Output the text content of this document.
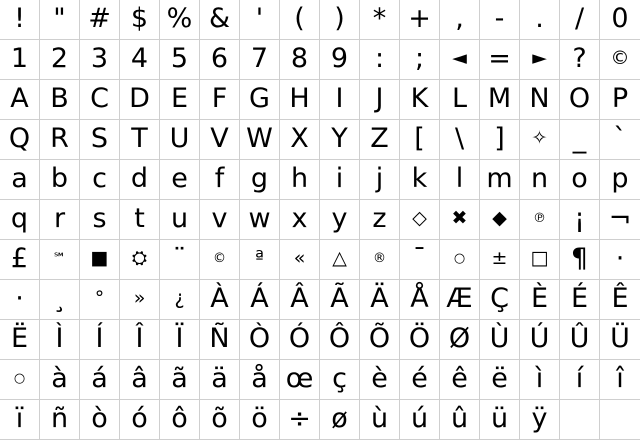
! " # $ % & ' ( ) * + , - . / 0
1 2 3 4 5 6 7 8 9 : ; ◄ = ► ? ©
A B C D E F G H I J K L M N O P
Q R S T U V W X Y Z [ \ ] ✧ _ `
a b c d e f g h i j k l m n o p
q r s t u v w x y z ◇ ✖ ◆ ℗ ¡ ¬
£ ℠ ■ ⛭ ¨ © ª « △ ® ¯ ○ ± □ ¶ ·
· ¸ ° » ¿ À Á Â Ã Ä Å Æ Ç È É Ê
Ë Ì Í Î Ï Ñ Ò Ó Ô Õ Ö Ø Ù Ú Û Ü
○ à á â ã ä å œ ç è é ê ë ì í î
ï ñ ò ó ô õ ö ÷ ø ù ú û ü ÿ
